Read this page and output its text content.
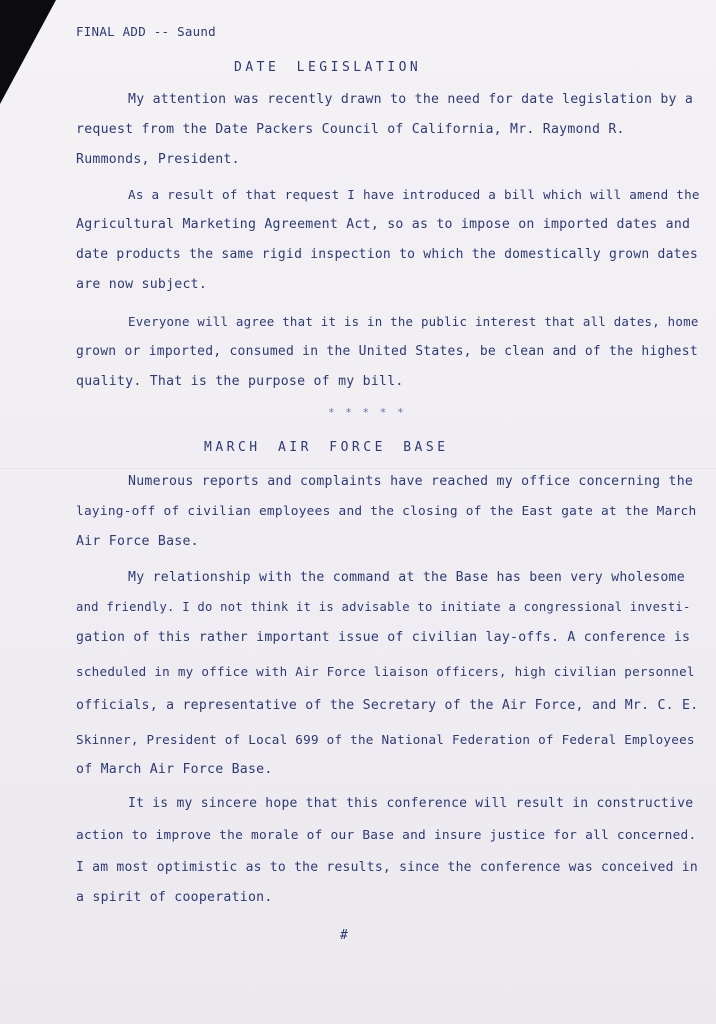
FINAL ADD -- Saund
DATE LEGISLATION
My attention was recently drawn to the need for date legislation by a
request from the Date Packers Council of California, Mr. Raymond R.
Rummonds, President.
As a result of that request I have introduced a bill which will amend the
Agricultural Marketing Agreement Act, so as to impose on imported dates and
date products the same rigid inspection to which the domestically grown dates
are now subject.
Everyone will agree that it is in the public interest that all dates, home
grown or imported, consumed in the United States, be clean and of the highest
quality. That is the purpose of my bill.
* * * * *
MARCH AIR FORCE BASE
Numerous reports and complaints have reached my office concerning the
laying-off of civilian employees and the closing of the East gate at the March
Air Force Base.
My relationship with the command at the Base has been very wholesome
and friendly. I do not think it is advisable to initiate a congressional investi-
gation of this rather important issue of civilian lay-offs. A conference is
scheduled in my office with Air Force liaison officers, high civilian personnel
officials, a representative of the Secretary of the Air Force, and Mr. C. E.
Skinner, President of Local 699 of the National Federation of Federal Employees
of March Air Force Base.
It is my sincere hope that this conference will result in constructive
action to improve the morale of our Base and insure justice for all concerned.
I am most optimistic as to the results, since the conference was conceived in
a spirit of cooperation.
#
